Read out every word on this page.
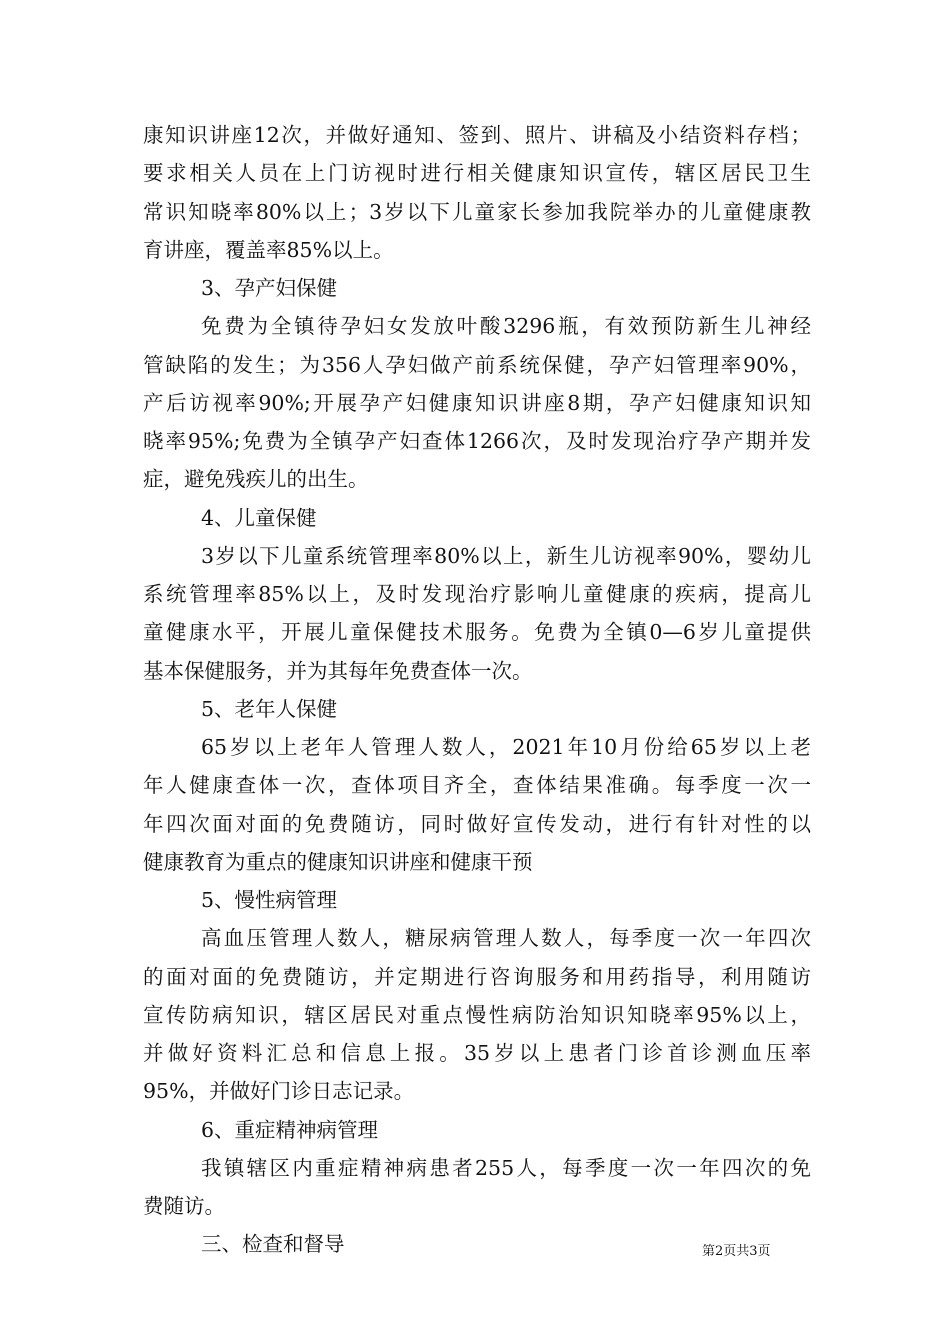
康知识讲座12次，并做好通知、签到、照片、讲稿及小结资料存档；
要求相关人员在上门访视时进行相关健康知识宣传，辖区居民卫生
常识知晓率80%以上；3岁以下儿童家长参加我院举办的儿童健康教
育讲座，覆盖率85%以上。
3、孕产妇保健
免费为全镇待孕妇女发放叶酸3296瓶，有效预防新生儿神经
管缺陷的发生；为356人孕妇做产前系统保健，孕产妇管理率90%，
产后访视率90%;开展孕产妇健康知识讲座8期，孕产妇健康知识知
晓率95%;免费为全镇孕产妇查体1266次，及时发现治疗孕产期并发
症，避免残疾儿的出生。
4、儿童保健
3岁以下儿童系统管理率80%以上，新生儿访视率90%，婴幼儿
系统管理率85%以上，及时发现治疗影响儿童健康的疾病，提高儿
童健康水平，开展儿童保健技术服务。免费为全镇0—6岁儿童提供
基本保健服务，并为其每年免费查体一次。
5、老年人保健
65岁以上老年人管理人数人，2021年10月份给65岁以上老
年人健康查体一次，查体项目齐全，查体结果准确。每季度一次一
年四次面对面的免费随访，同时做好宣传发动，进行有针对性的以
健康教育为重点的健康知识讲座和健康干预
5、慢性病管理
高血压管理人数人，糖尿病管理人数人，每季度一次一年四次
的面对面的免费随访，并定期进行咨询服务和用药指导，利用随访
宣传防病知识，辖区居民对重点慢性病防治知识知晓率95%以上，
并做好资料汇总和信息上报。35岁以上患者门诊首诊测血压率
95%，并做好门诊日志记录。
6、重症精神病管理
我镇辖区内重症精神病患者255人，每季度一次一年四次的免
费随访。
三、检查和督导	第2页共3页
